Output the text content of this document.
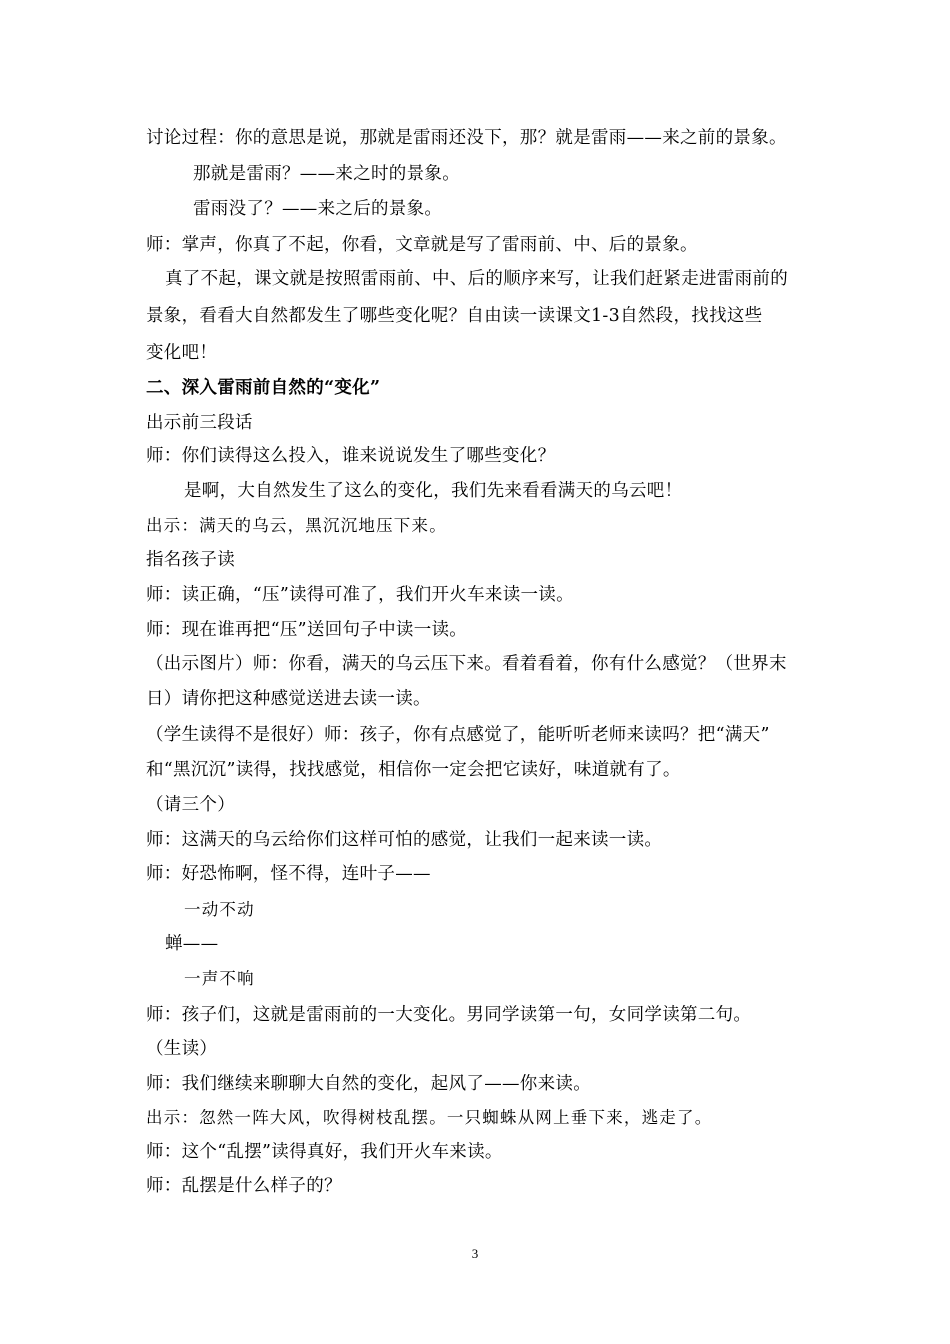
讨论过程：你的意思是说，那就是雷雨还没下，那？就是雷雨——来之前的景象。
那就是雷雨？——来之时的景象。
雷雨没了？——来之后的景象。
师：掌声，你真了不起，你看，文章就是写了雷雨前、中、后的景象。
真了不起，课文就是按照雷雨前、中、后的顺序来写，让我们赶紧走进雷雨前的
景象，看看大自然都发生了哪些变化呢？自由读一读课文1-3自然段，找找这些
变化吧！
二、深入雷雨前自然的“变化”
出示前三段话
师：你们读得这么投入，谁来说说发生了哪些变化？
是啊，大自然发生了这么的变化，我们先来看看满天的乌云吧！
出示：满天的乌云，黑沉沉地压下来。
指名孩子读
师：读正确，“压”读得可准了，我们开火车来读一读。
师：现在谁再把“压”送回句子中读一读。
（出示图片）师：你看，满天的乌云压下来。看着看着，你有什么感觉？（世界末
日）请你把这种感觉送进去读一读。
（学生读得不是很好）师：孩子，你有点感觉了，能听听老师来读吗？把“满天”
和“黑沉沉”读得，找找感觉，相信你一定会把它读好，味道就有了。
（请三个）
师：这满天的乌云给你们这样可怕的感觉，让我们一起来读一读。
师：好恐怖啊，怪不得，连叶子——
一动不动
蝉——
一声不响
师：孩子们，这就是雷雨前的一大变化。男同学读第一句，女同学读第二句。
（生读）
师：我们继续来聊聊大自然的变化，起风了——你来读。
出示：忽然一阵大风，吹得树枝乱摆。一只蜘蛛从网上垂下来，逃走了。
师：这个“乱摆”读得真好，我们开火车来读。
师：乱摆是什么样子的？
3
